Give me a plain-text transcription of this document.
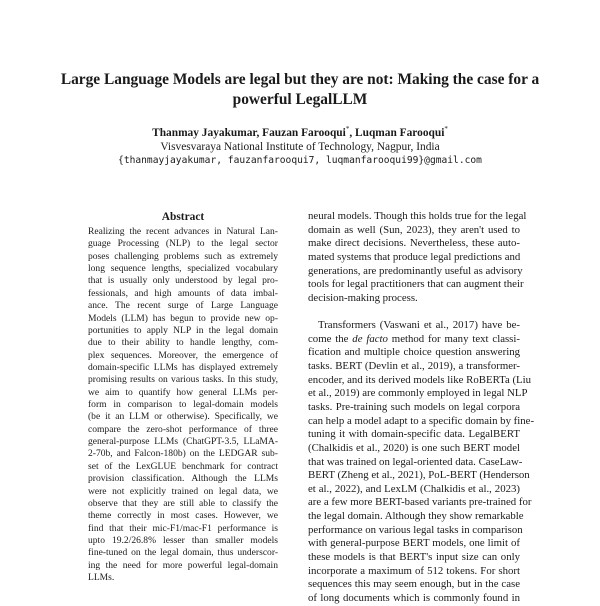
Large Language Models are legal but they are not: Making the case for a
powerful LegalLLM
Thanmay Jayakumar, Fauzan Farooqui*, Luqman Farooqui*
Visvesvaraya National Institute of Technology, Nagpur, India
{thanmayjayakumar, fauzanfarooqui7, luqmanfarooqui99}@gmail.com
Abstract
Realizing the recent advances in Natural Lan-
guage Processing (NLP) to the legal sector
poses challenging problems such as extremely
long sequence lengths, specialized vocabulary
that is usually only understood by legal pro-
fessionals, and high amounts of data imbal-
ance. The recent surge of Large Language
Models (LLM) has begun to provide new op-
portunities to apply NLP in the legal domain
due to their ability to handle lengthy, com-
plex sequences. Moreover, the emergence of
domain-specific LLMs has displayed extremely
promising results on various tasks. In this study,
we aim to quantify how general LLMs per-
form in comparison to legal-domain models
(be it an LLM or otherwise). Specifically, we
compare the zero-shot performance of three
general-purpose LLMs (ChatGPT-3.5, LLaMA-
2-70b, and Falcon-180b) on the LEDGAR sub-
set of the LexGLUE benchmark for contract
provision classification. Although the LLMs
were not explicitly trained on legal data, we
observe that they are still able to classify the
theme correctly in most cases. However, we
find that their mic-F1/mac-F1 performance is
upto 19.2/26.8% lesser than smaller models
fine-tuned on the legal domain, thus underscor-
ing the need for more powerful legal-domain
LLMs.
neural models. Though this holds true for the legal
domain as well (Sun, 2023), they aren't used to
make direct decisions. Nevertheless, these auto-
mated systems that produce legal predictions and
generations, are predominantly useful as advisory
tools for legal practitioners that can augment their
decision-making process.
Transformers (Vaswani et al., 2017) have be-
come the de facto method for many text classi-
fication and multiple choice question answering
tasks. BERT (Devlin et al., 2019), a transformer-
encoder, and its derived models like RoBERTa (Liu
et al., 2019) are commonly employed in legal NLP
tasks. Pre-training such models on legal corpora
can help a model adapt to a specific domain by fine-
tuning it with domain-specific data. LegalBERT
(Chalkidis et al., 2020) is one such BERT model
that was trained on legal-oriented data. CaseLaw-
BERT (Zheng et al., 2021), PoL-BERT (Henderson
et al., 2022), and LexLM (Chalkidis et al., 2023)
are a few more BERT-based variants pre-trained for
the legal domain. Although they show remarkable
performance on various legal tasks in comparison
with general-purpose BERT models, one limit of
these models is that BERT's input size can only
incorporate a maximum of 512 tokens. For short
sequences this may seem enough, but in the case
of long documents which is commonly found in
